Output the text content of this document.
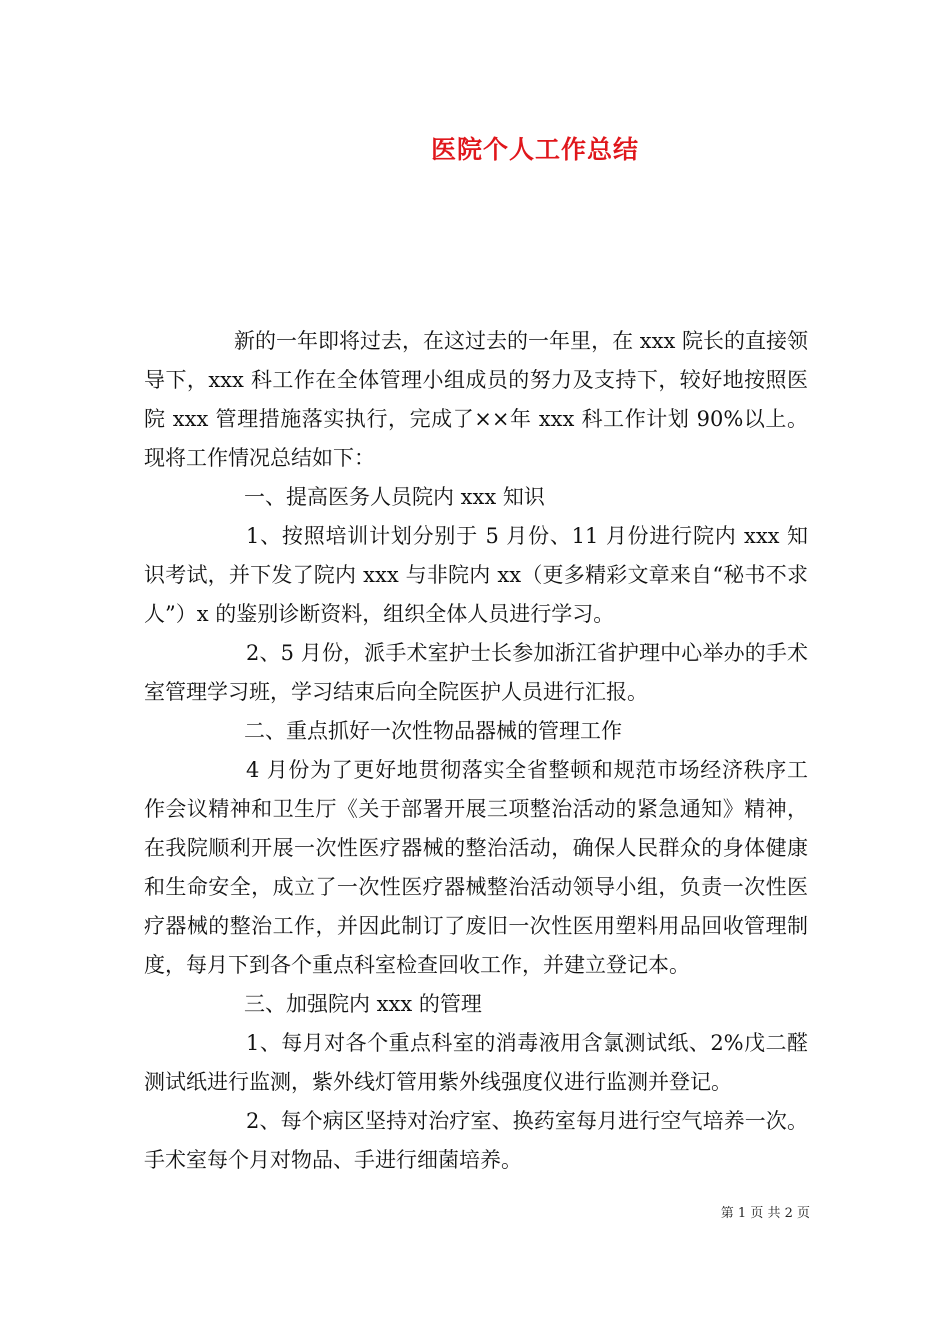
医院个人工作总结

新的一年即将过去，在这过去的一年里，在 xxx 院长的直接领导下，xxx 科工作在全体管理小组成员的努力及支持下，较好地按照医院 xxx 管理措施落实执行，完成了××年 xxx 科工作计划 90%以上。现将工作情况总结如下：

一、提高医务人员院内 xxx 知识

1、按照培训计划分别于 5 月份、11 月份进行院内 xxx 知识考试，并下发了院内 xxx 与非院内 xx（更多精彩文章来自“秘书不求人”）x 的鉴别诊断资料，组织全体人员进行学习。

2、5 月份，派手术室护士长参加浙江省护理中心举办的手术室管理学习班，学习结束后向全院医护人员进行汇报。

二、重点抓好一次性物品器械的管理工作

4 月份为了更好地贯彻落实全省整顿和规范市场经济秩序工作会议精神和卫生厅《关于部署开展三项整治活动的紧急通知》精神，在我院顺利开展一次性医疗器械的整治活动，确保人民群众的身体健康和生命安全，成立了一次性医疗器械整治活动领导小组，负责一次性医疗器械的整治工作，并因此制订了废旧一次性医用塑料用品回收管理制度，每月下到各个重点科室检查回收工作，并建立登记本。

三、加强院内 xxx 的管理

1、每月对各个重点科室的消毒液用含氯测试纸、2%戊二醛测试纸进行监测，紫外线灯管用紫外线强度仪进行监测并登记。

2、每个病区坚持对治疗室、换药室每月进行空气培养一次。手术室每个月对物品、手进行细菌培养。

第 1 页 共 2 页
